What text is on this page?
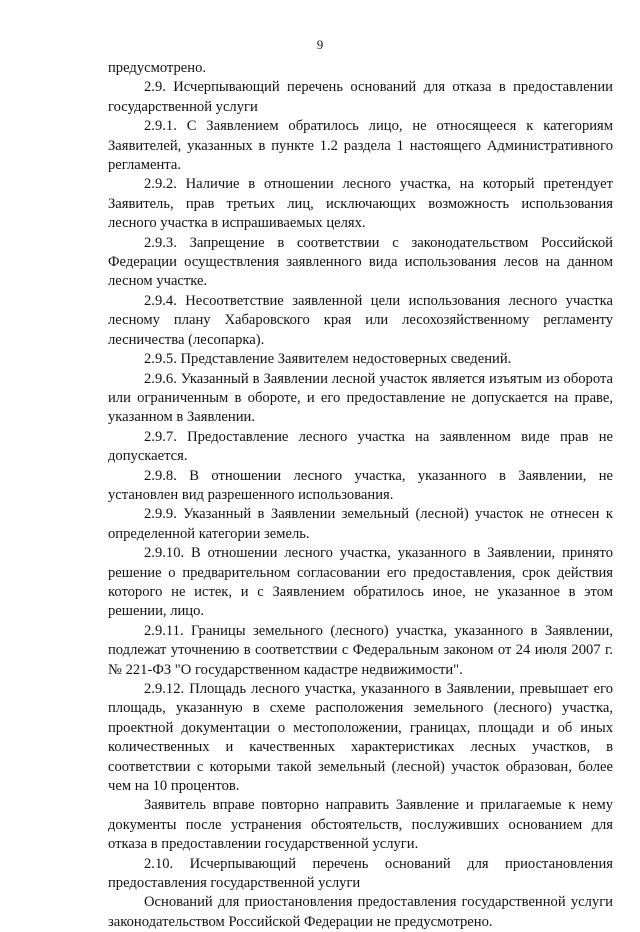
9

предусмотрено.

2.9. Исчерпывающий перечень оснований для отказа в предоставлении государственной услуги

2.9.1. С Заявлением обратилось лицо, не относящееся к категориям Заявителей, указанных в пункте 1.2 раздела 1 настоящего Административного регламента.

2.9.2. Наличие в отношении лесного участка, на который претендует Заявитель, прав третьих лиц, исключающих возможность использования лесного участка в испрашиваемых целях.

2.9.3. Запрещение в соответствии с законодательством Российской Федерации осуществления заявленного вида использования лесов на данном лесном участке.

2.9.4. Несоответствие заявленной цели использования лесного участка лесному плану Хабаровского края или лесохозяйственному регламенту лесничества (лесопарка).

2.9.5. Представление Заявителем недостоверных сведений.

2.9.6. Указанный в Заявлении лесной участок является изъятым из оборота или ограниченным в обороте, и его предоставление не допускается на праве, указанном в Заявлении.

2.9.7. Предоставление лесного участка на заявленном виде прав не допускается.

2.9.8. В отношении лесного участка, указанного в Заявлении, не установлен вид разрешенного использования.

2.9.9. Указанный в Заявлении земельный (лесной) участок не отнесен к определенной категории земель.

2.9.10. В отношении лесного участка, указанного в Заявлении, принято решение о предварительном согласовании его предоставления, срок действия которого не истек, и с Заявлением обратилось иное, не указанное в этом решении, лицо.

2.9.11. Границы земельного (лесного) участка, указанного в Заявлении, подлежат уточнению в соответствии с Федеральным законом от 24 июля 2007 г. № 221-ФЗ "О государственном кадастре недвижимости".

2.9.12. Площадь лесного участка, указанного в Заявлении, превышает его площадь, указанную в схеме расположения земельного (лесного) участка, проектной документации о местоположении, границах, площади и об иных количественных и качественных характеристиках лесных участков, в соответствии с которыми такой земельный (лесной) участок образован, более чем на 10 процентов.

Заявитель вправе повторно направить Заявление и прилагаемые к нему документы после устранения обстоятельств, послуживших основанием для отказа в предоставлении государственной услуги.

2.10. Исчерпывающий перечень оснований для приостановления предоставления государственной услуги

Оснований для приостановления предоставления государственной услуги законодательством Российской Федерации не предусмотрено.
